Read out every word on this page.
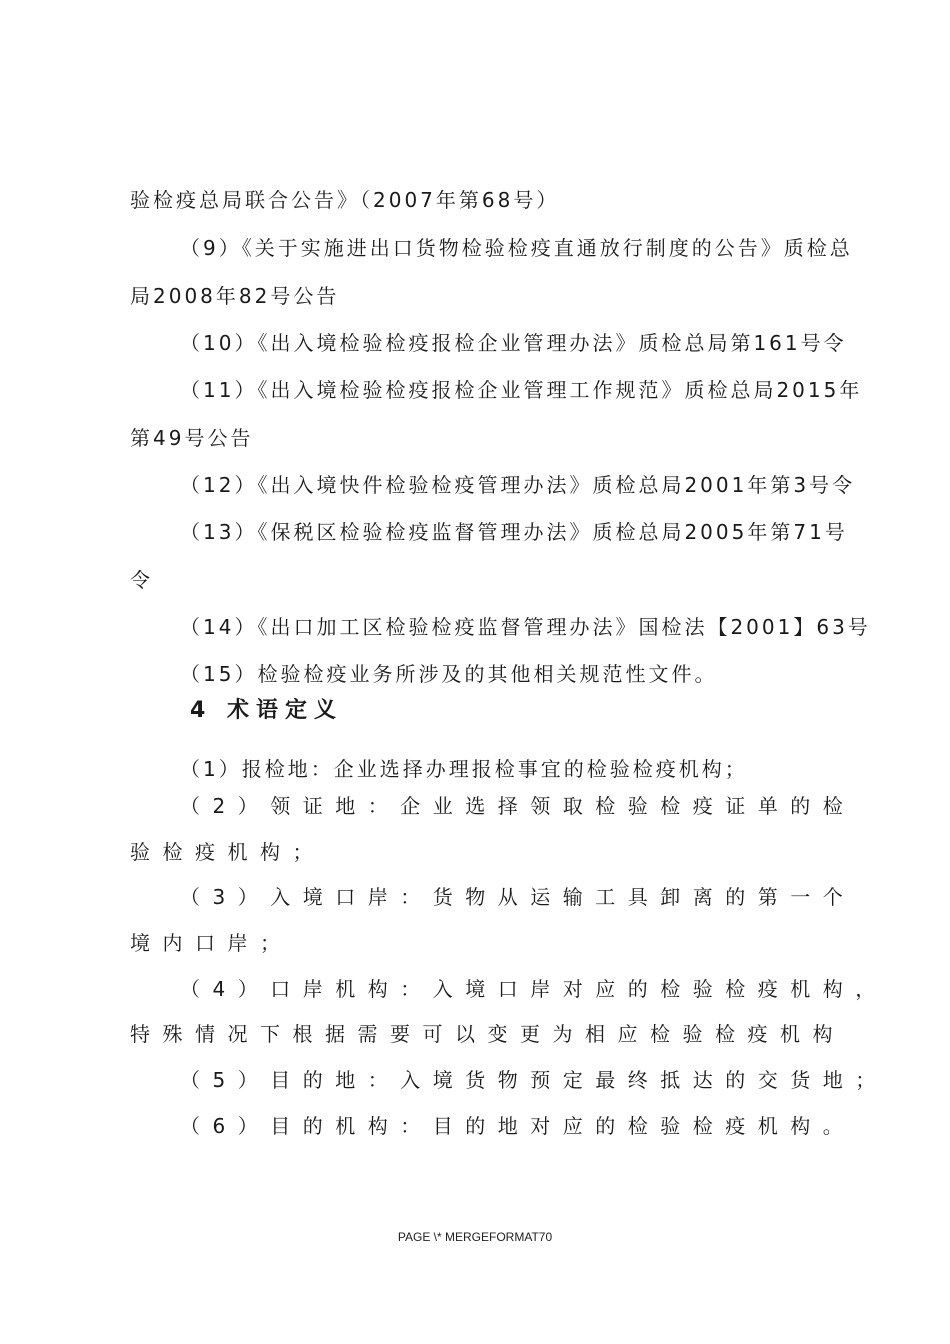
验检疫总局联合公告》（2007年第68号）
（9）《关于实施进出口货物检验检疫直通放行制度的公告》质检总
局2008年82号公告
（10）《出入境检验检疫报检企业管理办法》质检总局第161号令
（11）《出入境检验检疫报检企业管理工作规范》质检总局2015年
第49号公告
（12）《出入境快件检验检疫管理办法》质检总局2001年第3号令
（13）《保税区检验检疫监督管理办法》质检总局2005年第71号
令
（14）《出口加工区检验检疫监督管理办法》国检法【2001】63号
（15）检验检疫业务所涉及的其他相关规范性文件。
4 术语定义
（1）报检地：企业选择办理报检事宜的检验检疫机构；
（2）领证地：企业选择领取检验检疫证单的检
验检疫机构；
（3）入境口岸：货物从运输工具卸离的第一个
境内口岸；
（4）口岸机构：入境口岸对应的检验检疫机构，
特殊情况下根据需要可以变更为相应检验检疫机构
（5）目的地：入境货物预定最终抵达的交货地；
（6）目的机构：目的地对应的检验检疫机构。
PAGE \* MERGEFORMAT70
